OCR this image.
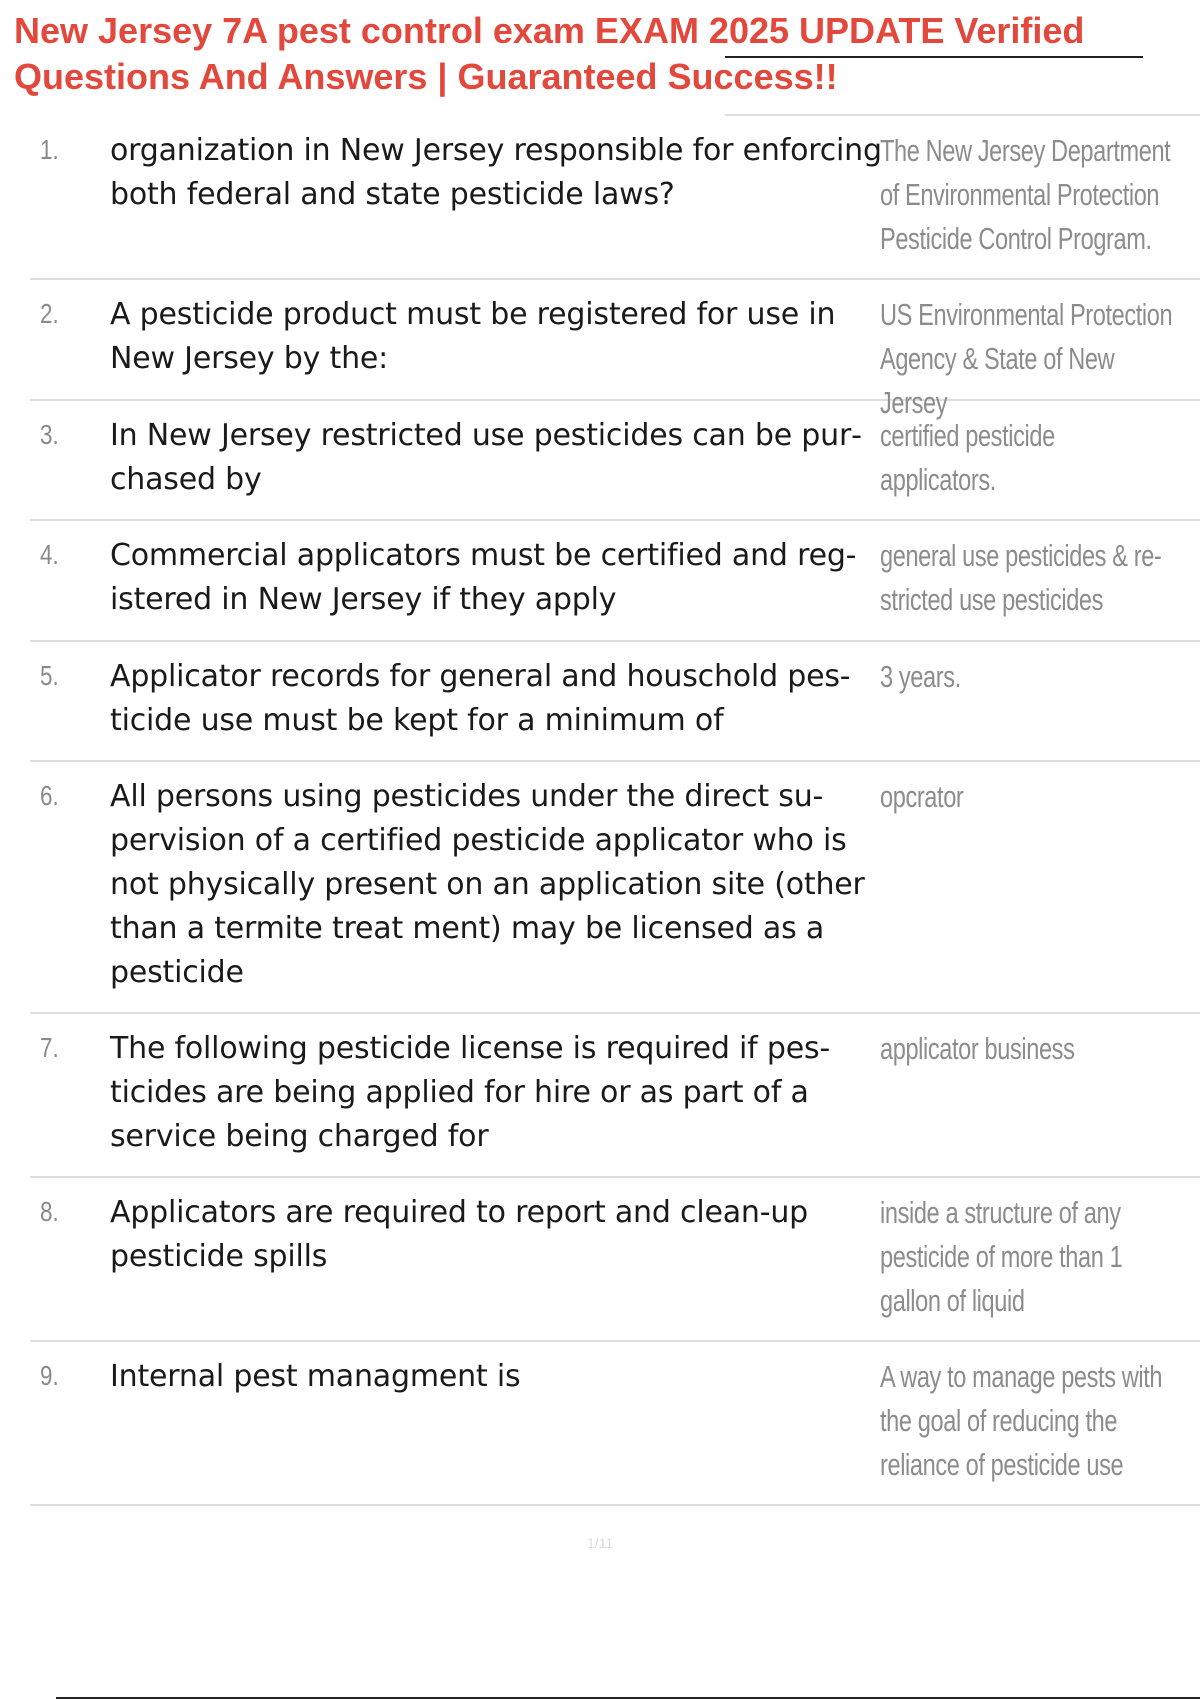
New Jersey 7A pest control exam EXAM 2025 UPDATE Verified Questions And Answers | Guaranteed Success!!
1. organization in New Jersey responsible for enforcing both federal and state pesticide laws?
The New Jersey Department of Environmental Protection Pesticide Control Program.
2. A pesticide product must be registered for use in New Jersey by the:
US Environmental Protection Agency & State of New Jersey
3. In New Jersey restricted use pesticides can be purchased by
certified pesticide applicators.
4. Commercial applicators must be certified and registered in New Jersey if they apply
general use pesticides & restricted use pesticides
5. Applicator records for general and houschold pesticide use must be kept for a minimum of
3 years.
6. All persons using pesticides under the direct supervision of a certified pesticide applicator who is not physically present on an application site (other than a termite treat ment) may be licensed as a pesticide
opcrator
7. The following pesticide license is required if pesticides are being applied for hire or as part of a service being charged for
applicator business
8. Applicators are required to report and clean-up pesticide spills
inside a structure of any pesticide of more than 1 gallon of liquid
9. Internal pest managment is	A way to manage pests with the goal of reducing the reliance of pesticide use
1/11
